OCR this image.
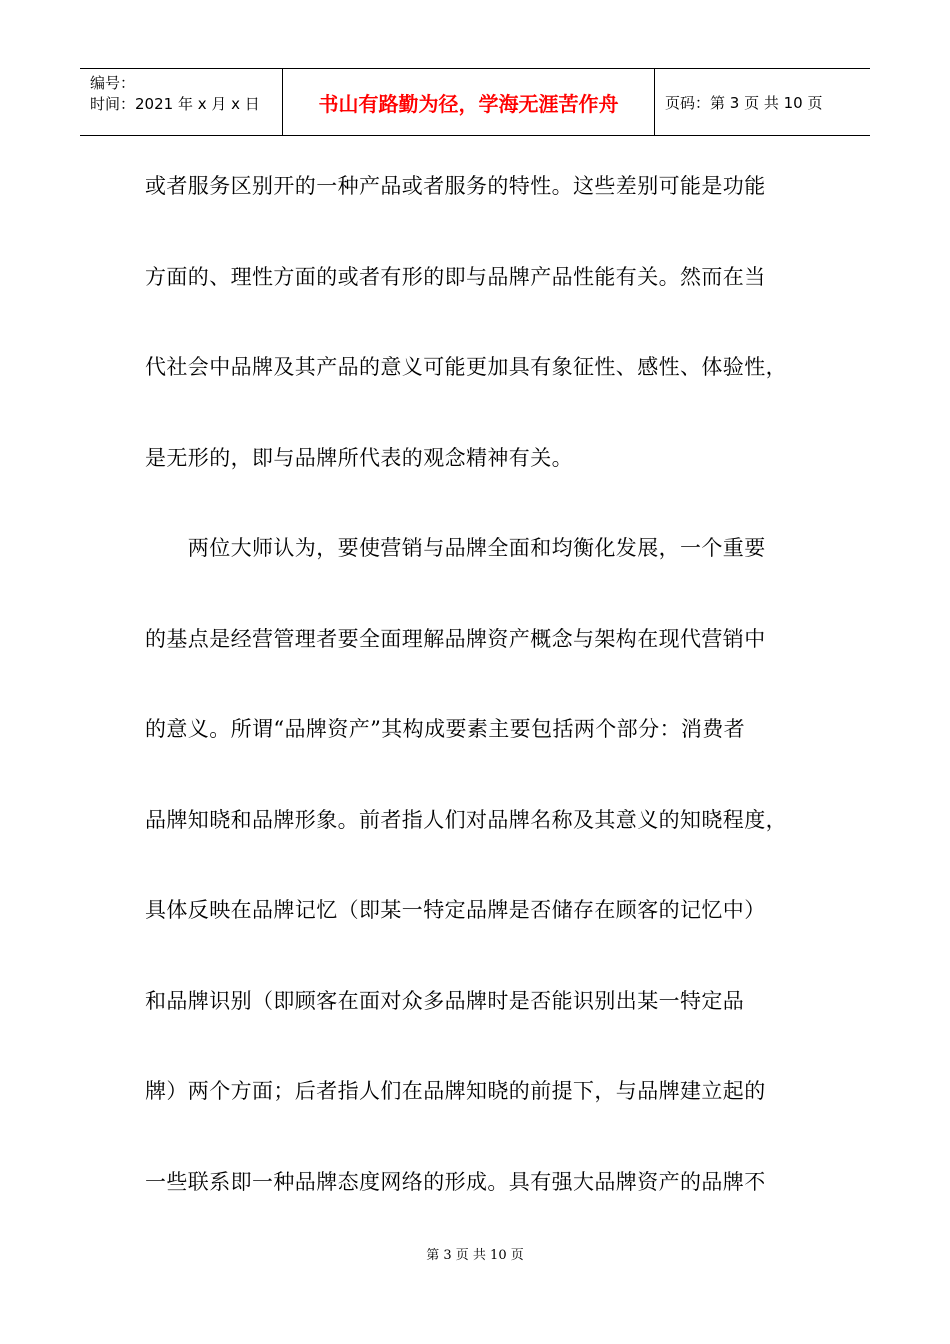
编号：
时间：2021 年 x 月 x 日	书山有路勤为径，学海无涯苦作舟	页码：第 3 页 共 10 页
或者服务区别开的一种产品或者服务的特性。这些差别可能是功能
方面的、理性方面的或者有形的即与品牌产品性能有关。然而在当
代社会中品牌及其产品的意义可能更加具有象征性、感性、体验性，
是无形的，即与品牌所代表的观念精神有关。
　　两位大师认为，要使营销与品牌全面和均衡化发展，一个重要
的基点是经营管理者要全面理解品牌资产概念与架构在现代营销中
的意义。所谓“品牌资产”其构成要素主要包括两个部分：消费者
品牌知晓和品牌形象。前者指人们对品牌名称及其意义的知晓程度，
具体反映在品牌记忆（即某一特定品牌是否储存在顾客的记忆中）
和品牌识别（即顾客在面对众多品牌时是否能识别出某一特定品
牌）两个方面；后者指人们在品牌知晓的前提下，与品牌建立起的
一些联系即一种品牌态度网络的形成。具有强大品牌资产的品牌不
第 3 页 共 10 页
